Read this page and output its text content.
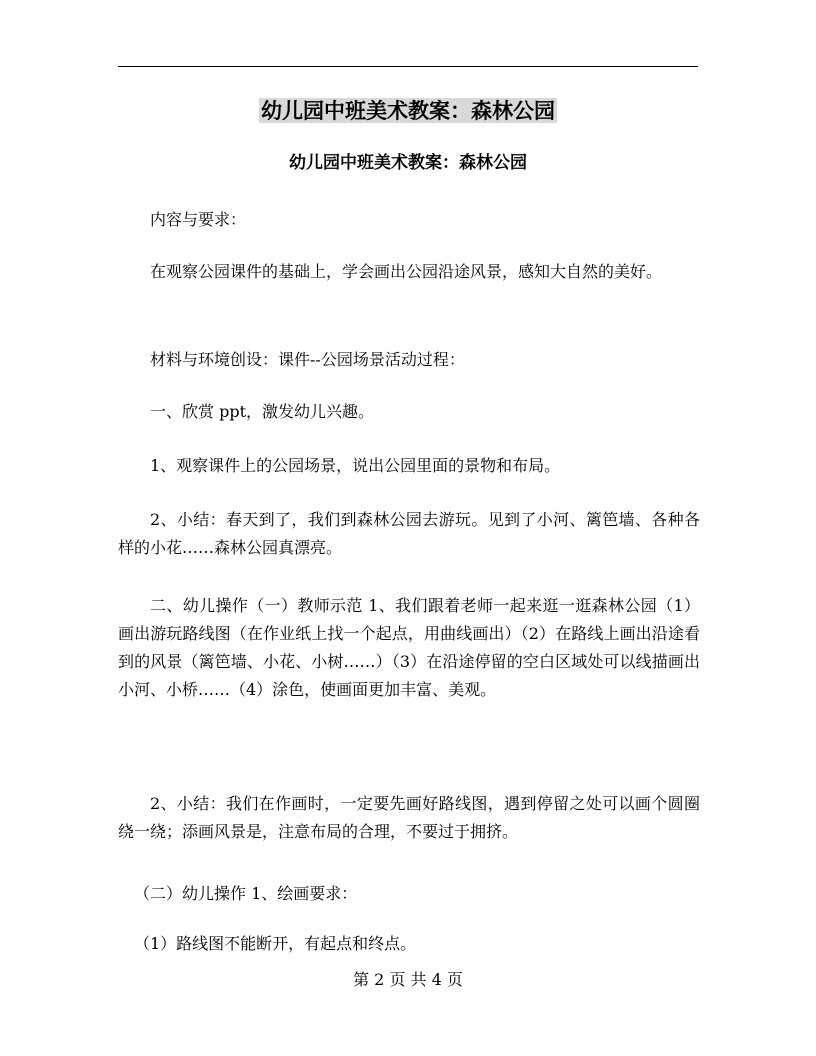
幼儿园中班美术教案：森林公园
幼儿园中班美术教案：森林公园

内容与要求：

在观察公园课件的基础上，学会画出公园沿途风景，感知大自然的美好。

材料与环境创设：课件--公园场景活动过程：

一、欣赏 ppt，激发幼儿兴趣。

1、观察课件上的公园场景，说出公园里面的景物和布局。

2、小结：春天到了，我们到森林公园去游玩。见到了小河、篱笆墙、各种各样的小花……森林公园真漂亮。

二、幼儿操作（一）教师示范 1、我们跟着老师一起来逛一逛森林公园（1）画出游玩路线图（在作业纸上找一个起点，用曲线画出）（2）在路线上画出沿途看到的风景（篱笆墙、小花、小树……）（3）在沿途停留的空白区域处可以线描画出小河、小桥……（4）涂色，使画面更加丰富、美观。

2、小结：我们在作画时，一定要先画好路线图，遇到停留之处可以画个圆圈绕一绕；添画风景是，注意布局的合理，不要过于拥挤。

（二）幼儿操作 1、绘画要求：

（1）路线图不能断开，有起点和终点。

第 2 页 共 4 页
